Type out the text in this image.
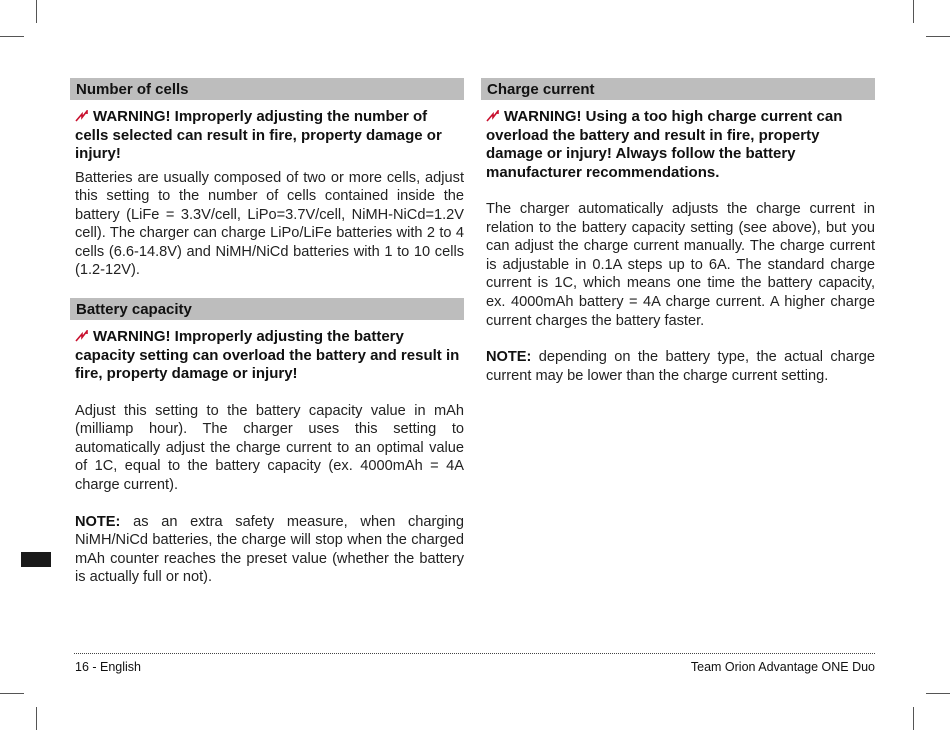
Number of cells
WARNING! Improperly adjusting the number of cells selected can result in fire, property damage or injury!
Batteries are usually composed of two or more cells, adjust this setting to the number of cells contained inside the battery (LiFe = 3.3V/cell, LiPo=3.7V/cell, NiMH-NiCd=1.2V cell). The charger can charge LiPo/LiFe batteries with 2 to 4 cells (6.6-14.8V) and NiMH/NiCd batteries with 1 to 10 cells (1.2-12V).
Battery capacity
WARNING! Improperly adjusting the battery capacity setting can overload the battery and result in fire, property damage or injury!
Adjust this setting to the battery capacity value in mAh (milliamp hour). The charger uses this setting to automatically adjust the charge current to an optimal value of 1C, equal to the battery capacity (ex. 4000mAh = 4A charge current).
NOTE: as an extra safety measure, when charging NiMH/NiCd batteries, the charge will stop when the charged mAh counter reaches the preset value (whether the battery is actually full or not).
Charge current
WARNING! Using a too high charge current can overload the battery and result in fire, property damage or injury! Always follow the battery manufacturer recommendations.
The charger automatically adjusts the charge current in relation to the battery capacity setting (see above), but you can adjust the charge current manually. The charge current is adjustable in 0.1A steps up to 6A. The standard charge current is 1C, which means one time the battery capacity, ex. 4000mAh battery = 4A charge current. A higher charge current charges the battery faster.
NOTE: depending on the battery type, the actual charge current may be lower than the charge current setting.
16 - English	Team Orion Advantage ONE Duo
